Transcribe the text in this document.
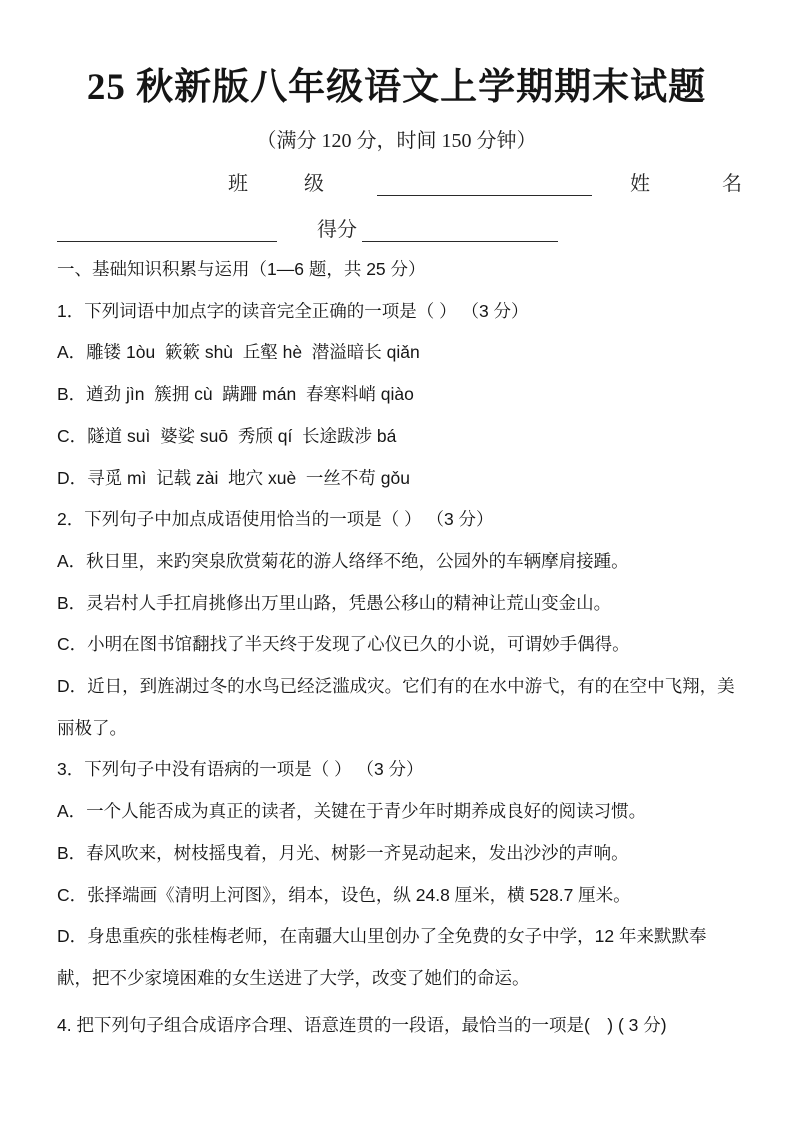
25 秋新版八年级语文上学期期末试题
（满分 120 分，时间 150 分钟）
班	级	姓	名
得分

一、基础知识积累与运用（1—6 题，共 25 分）

1．下列词语中加点字的读音完全正确的一项是（ ） （3 分）

A．雕镂 1òu  簌簌 shù  丘壑 hè  潜溢暗长 qiǎn

B．遒劲 jìn  簇拥 cù  蹒跚 mán  春寒料峭 qiào

C．隧道 suì  婆娑 suō  秀颀 qí  长途跋涉 bá

D．寻觅 mì  记载 zài  地穴 xuè  一丝不苟 gǒu

2．下列句子中加点成语使用恰当的一项是（ ） （3 分）

A．秋日里，来趵突泉欣赏菊花的游人络绎不绝，公园外的车辆摩肩接踵。

B．灵岩村人手扛肩挑修出万里山路，凭愚公移山的精神让荒山变金山。

C．小明在图书馆翻找了半天终于发现了心仪已久的小说，可谓妙手偶得。

D．近日，到旌湖过冬的水鸟已经泛滥成灾。它们有的在水中游弋，有的在空中飞翔，美丽极了。

3．下列句子中没有语病的一项是（ ） （3 分）

A．一个人能否成为真正的读者，关键在于青少年时期养成良好的阅读习惯。

B．春风吹来，树枝摇曳着，月光、树影一齐晃动起来，发出沙沙的声响。

C．张择端画《清明上河图》，绢本，设色，纵 24.8 厘米，横 528.7 厘米。

D．身患重疾的张桂梅老师，在南疆大山里创办了全免费的女子中学，12 年来默默奉献，把不少家境困难的女生送进了大学，改变了她们的命运。

4. 把下列句子组合成语序合理、语意连贯的一段语，最恰当的一项是(　) ( 3 分)
